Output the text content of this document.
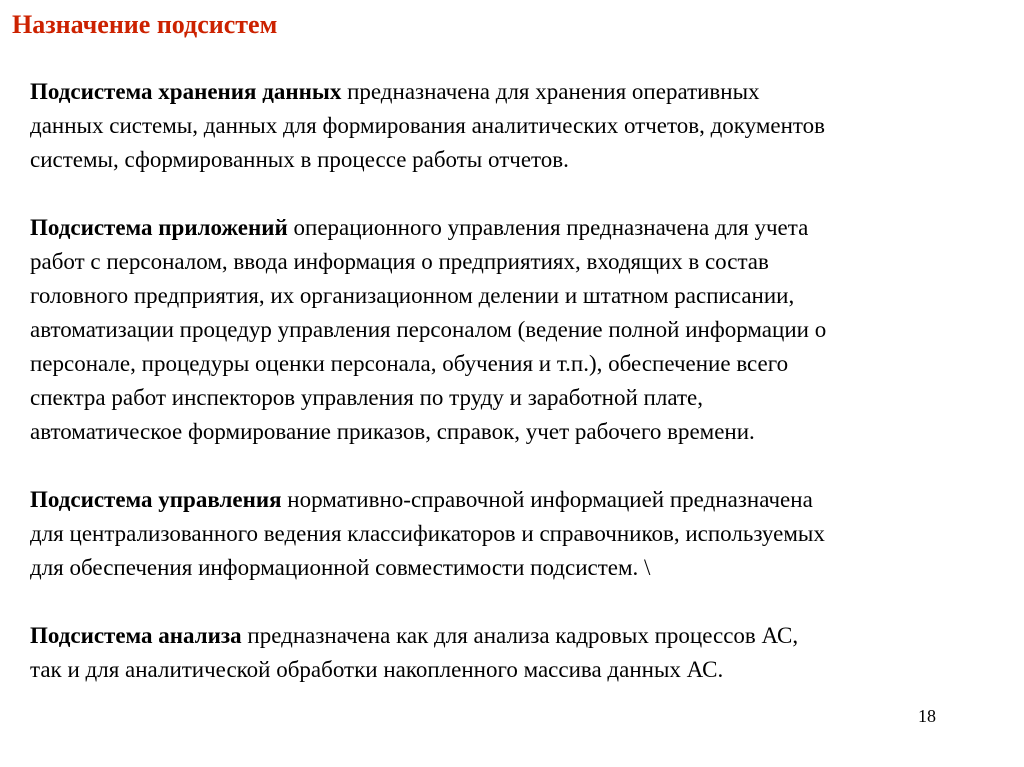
Назначение подсистем

Подсистема хранения данных предназначена для хранения оперативных
данных системы, данных для формирования аналитических отчетов, документов
системы, сформированных в процессе работы отчетов.

Подсистема приложений операционного управления предназначена для учета
работ с персоналом, ввода информация о предприятиях, входящих в состав
головного предприятия, их организационном делении и штатном расписании,
автоматизации процедур управления персоналом (ведение полной информации о
персонале, процедуры оценки персонала, обучения и т.п.), обеспечение всего
спектра работ инспекторов управления по труду и заработной плате,
автоматическое формирование приказов, справок, учет рабочего времени.

Подсистема управления нормативно-справочной информацией предназначена
для централизованного ведения классификаторов и справочников, используемых
для обеспечения информационной совместимости подсистем. \

Подсистема анализа предназначена как для анализа кадровых процессов АС,
так и для аналитической обработки накопленного массива данных АС.

18
